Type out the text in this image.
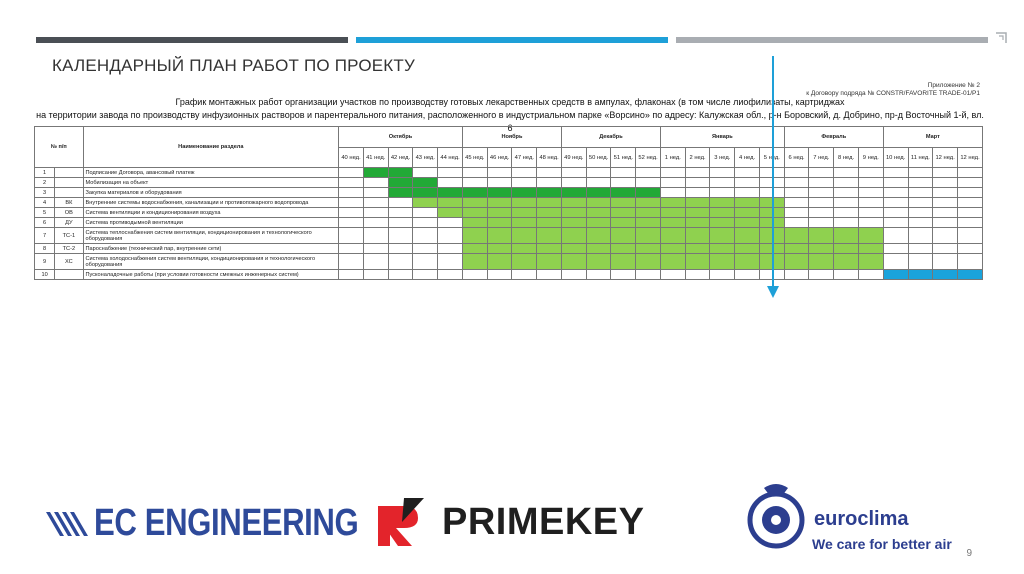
КАЛЕНДАРНЫЙ ПЛАН РАБОТ ПО ПРОЕКТУ
Приложение № 2
к Договору подряда № CONSTR/FAVORITE TRADE-01/P1
График монтажных работ организации участков по производству готовых лекарственных средств в ампулах, флаконах (в том числе лиофилизаты, картриджах
на территории завода по производству инфузионных растворов и парентерального питания, расположенного в индустриальном парке «Ворсино» по адресу: Калужская обл., р-н Боровский, д. Добрино, пр-д Восточный 1-й, вл. 6
№ п/п		Наименование раздела	Октябрь					Ноябрь				Декабрь				Январь					Февраль				Март			
			40 нед.	41 нед.	42 нед.	43 нед.	44 нед.	45 нед.	46 нед.	47 нед.	48 нед.	49 нед.	50 нед.	51 нед.	52 нед.	1 нед.	2 нед.	3 нед.	4 нед.	5 нед.	6 нед.	7 нед.	8 нед.	9 нед.	10 нед.	11 нед.	12 нед.	12 нед.
1		Подписание Договора, авансовый платеж																										
2		Мобилизация на объект																										
3		Закупка материалов и оборудования																										
4	ВК	Внутренние системы водоснабжения, канализации и противопожарного водопровода																										
5	ОВ	Система вентиляции и кондиционирования воздуха																										
6	ДУ	Система противодымной вентиляции																										
7	ТС-1	Система теплоснабжения систем вентиляции, кондиционирования и технологического оборудования																										
8	ТС-2	Пароснабжение (технический пар, внутренние сети)																										
9	ХС	Система холодоснабжения систем вентиляции, кондиционирования и технологического оборудования																										
10		Пусконаладочные работы (при условии готовности смежных инженерных систем)																										
EC ENGINEERING PRIMEKEY	euroclima
We care for better air
9
